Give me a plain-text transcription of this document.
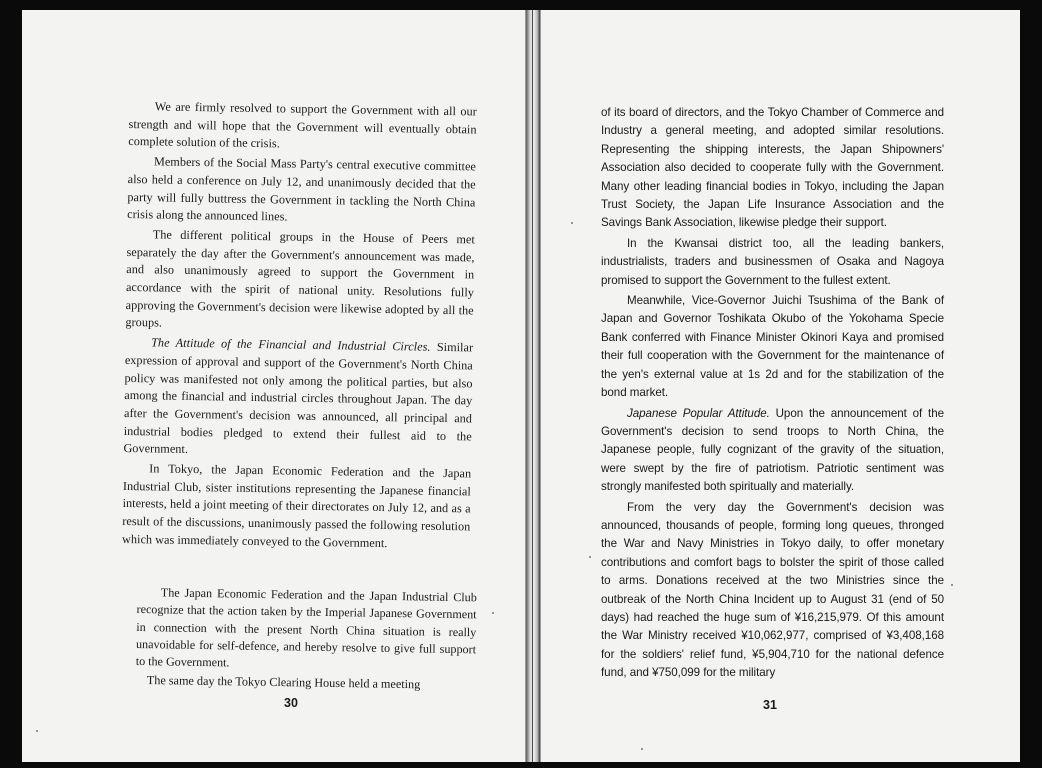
We are firmly resolved to support the Government with all our strength and will hope that the Government will eventually obtain complete solution of the crisis.

Members of the Social Mass Party's central executive committee also held a conference on July 12, and unanimously decided that the party will fully buttress the Government in tackling the North China crisis along the announced lines.

The different political groups in the House of Peers met separately the day after the Government's announcement was made, and also unanimously agreed to support the Government in accordance with the spirit of national unity. Resolutions fully approving the Government's decision were likewise adopted by all the groups.

The Attitude of the Financial and Industrial Circles. Similar expression of approval and support of the Government's North China policy was manifested not only among the political parties, but also among the financial and industrial circles throughout Japan. The day after the Government's decision was announced, all principal and industrial bodies pledged to extend their fullest aid to the Government.

In Tokyo, the Japan Economic Federation and the Japan Industrial Club, sister institutions representing the Japanese financial interests, held a joint meeting of their directorates on July 12, and as a result of the discussions, unanimously passed the following resolution which was immediately conveyed to the Government.

The Japan Economic Federation and the Japan Industrial Club recognize that the action taken by the Imperial Japanese Government in connection with the present North China situation is really unavoidable for self-defence, and hereby resolve to give full support to the Government.

The same day the Tokyo Clearing House held a meeting

30

of its board of directors, and the Tokyo Chamber of Commerce and Industry a general meeting, and adopted similar resolutions. Representing the shipping interests, the Japan Shipowners' Association also decided to cooperate fully with the Government. Many other leading financial bodies in Tokyo, including the Japan Trust Society, the Japan Life Insurance Association and the Savings Bank Association, likewise pledge their support.

In the Kwansai district too, all the leading bankers, industrialists, traders and businessmen of Osaka and Nagoya promised to support the Government to the fullest extent.

Meanwhile, Vice-Governor Juichi Tsushima of the Bank of Japan and Governor Toshikata Okubo of the Yokohama Specie Bank conferred with Finance Minister Okinori Kaya and promised their full cooperation with the Government for the maintenance of the yen's external value at 1s 2d and for the stabilization of the bond market.

Japanese Popular Attitude. Upon the announcement of the Government's decision to send troops to North China, the Japanese people, fully cognizant of the gravity of the situation, were swept by the fire of patriotism. Patriotic sentiment was strongly manifested both spiritually and materially.

From the very day the Government's decision was announced, thousands of people, forming long queues, thronged the War and Navy Ministries in Tokyo daily, to offer monetary contributions and comfort bags to bolster the spirit of those called to arms. Donations received at the two Ministries since the outbreak of the North China Incident up to August 31 (end of 50 days) had reached the huge sum of ¥16,215,979. Of this amount the War Ministry received ¥10,062,977, comprised of ¥3,408,168 for the soldiers' relief fund, ¥5,904,710 for the national defence fund, and ¥750,099 for the military

31
